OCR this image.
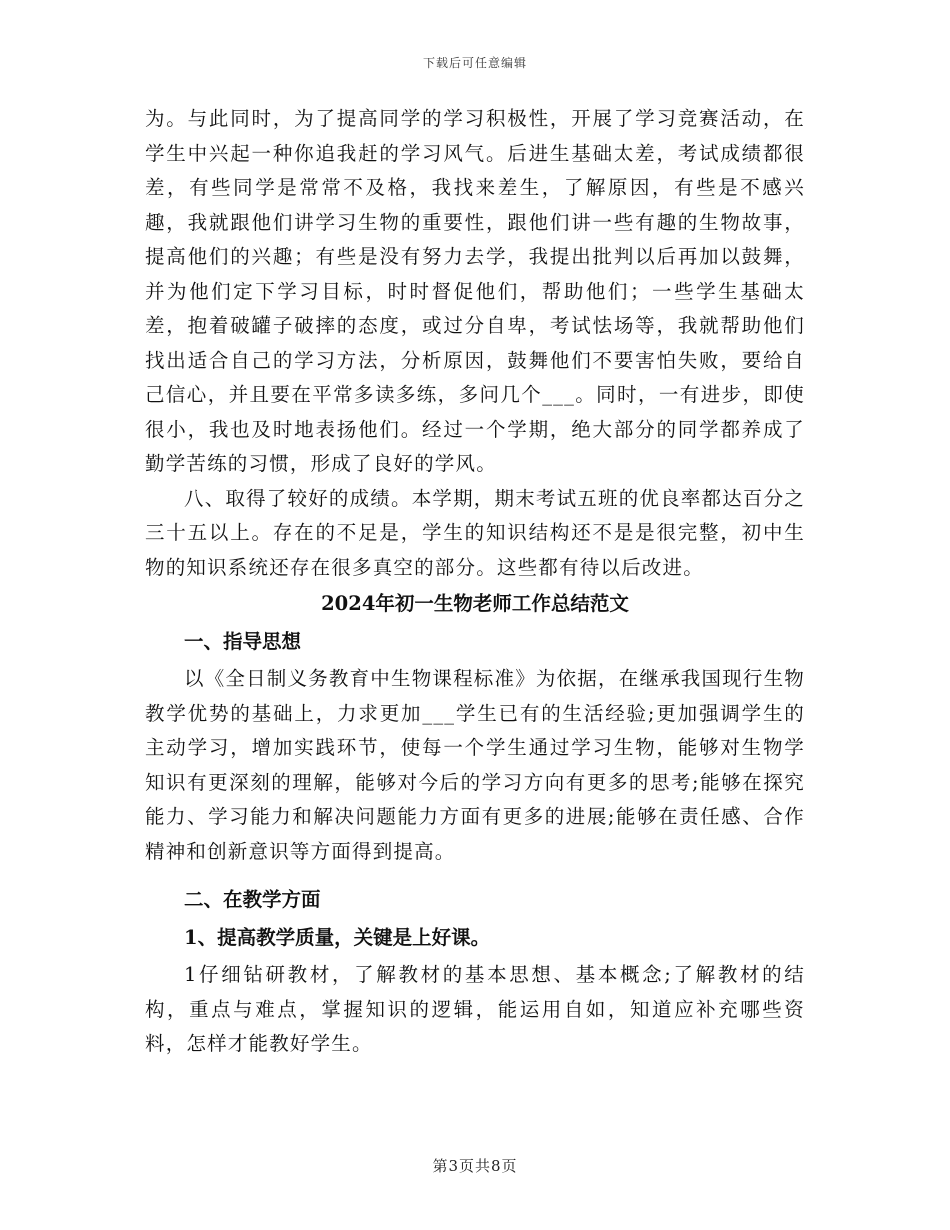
下载后可任意编辑

为。与此同时，为了提高同学的学习积极性，开展了学习竞赛活动，在学生中兴起一种你追我赶的学习风气。后进生基础太差，考试成绩都很差，有些同学是常常不及格，我找来差生，了解原因，有些是不感兴趣，我就跟他们讲学习生物的重要性，跟他们讲一些有趣的生物故事，提高他们的兴趣；有些是没有努力去学，我提出批判以后再加以鼓舞，并为他们定下学习目标，时时督促他们，帮助他们；一些学生基础太差，抱着破罐子破摔的态度，或过分自卑，考试怯场等，我就帮助他们找出适合自己的学习方法，分析原因，鼓舞他们不要害怕失败，要给自己信心，并且要在平常多读多练，多问几个___。同时，一有进步，即使很小，我也及时地表扬他们。经过一个学期，绝大部分的同学都养成了勤学苦练的习惯，形成了良好的学风。

八、取得了较好的成绩。本学期，期末考试五班的优良率都达百分之三十五以上。存在的不足是，学生的知识结构还不是是很完整，初中生物的知识系统还存在很多真空的部分。这些都有待以后改进。

2024年初一生物老师工作总结范文
一、指导思想

以《全日制义务教育中生物课程标准》为依据，在继承我国现行生物教学优势的基础上，力求更加___学生已有的生活经验;更加强调学生的主动学习，增加实践环节，使每一个学生通过学习生物，能够对生物学知识有更深刻的理解，能够对今后的学习方向有更多的思考;能够在探究能力、学习能力和解决问题能力方面有更多的进展;能够在责任感、合作精神和创新意识等方面得到提高。

二、在教学方面
1、提高教学质量，关键是上好课。

1仔细钻研教材，了解教材的基本思想、基本概念;了解教材的结构，重点与难点，掌握知识的逻辑，能运用自如，知道应补充哪些资料，怎样才能教好学生。

第3页共8页
